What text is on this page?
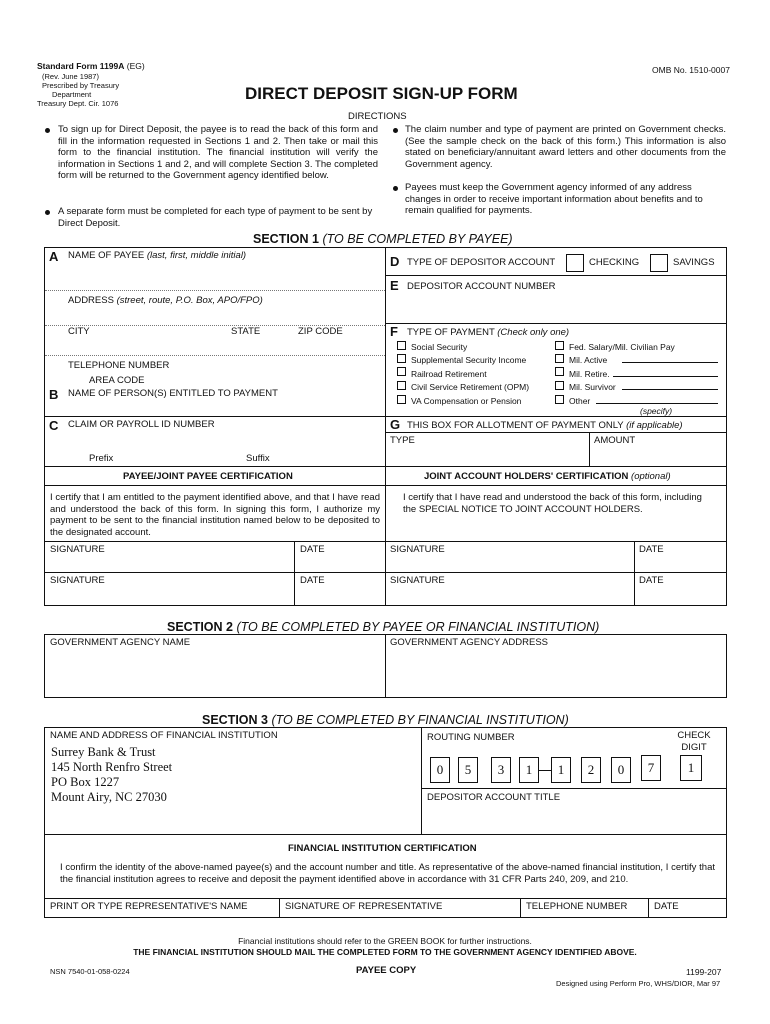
Standard Form 1199A (EG)
(Rev. June 1987)
Prescribed by Treasury
Department
Treasury Dept. Cir. 1076
OMB No. 1510-0007
DIRECT DEPOSIT SIGN-UP FORM
DIRECTIONS
To sign up for Direct Deposit, the payee is to read the back of this form and fill in the information requested in Sections 1 and 2. Then take or mail this form to the financial institution. The financial institution will verify the information in Sections 1 and 2, and will complete Section 3. The completed form will be returned to the Government agency identified below.
A separate form must be completed for each type of payment to be sent by Direct Deposit.
The claim number and type of payment are printed on Government checks. (See the sample check on the back of this form.) This information is also stated on beneficiary/annuitant award letters and other documents from the Government agency.
Payees must keep the Government agency informed of any address changes in order to receive important information about benefits and to remain qualified for payments.
SECTION 1 (TO BE COMPLETED BY PAYEE)
A NAME OF PAYEE (last, first, middle initial)
ADDRESS (street, route, P.O. Box, APO/FPO)
CITY	STATE	ZIP CODE
TELEPHONE NUMBER
AREA CODE
B NAME OF PERSON(S) ENTITLED TO PAYMENT
C CLAIM OR PAYROLL ID NUMBER
Prefix	Suffix
D TYPE OF DEPOSITOR ACCOUNT	CHECKING	SAVINGS
E DEPOSITOR ACCOUNT NUMBER
F TYPE OF PAYMENT (Check only one)
Social Security
Supplemental Security Income
Railroad Retirement
Civil Service Retirement (OPM)
VA Compensation or Pension
Fed. Salary/Mil. Civilian Pay
Mil. Active
Mil. Retire.
Mil. Survivor
Other
(specify)
G THIS BOX FOR ALLOTMENT OF PAYMENT ONLY (if applicable)
TYPE	AMOUNT
PAYEE/JOINT PAYEE CERTIFICATION	JOINT ACCOUNT HOLDERS' CERTIFICATION (optional)
I certify that I am entitled to the payment identified above, and that I have read and understood the back of this form. In signing this form, I authorize my payment to be sent to the financial institution named below to be deposited to the designated account.
I certify that I have read and understood the back of this form, including the SPECIAL NOTICE TO JOINT ACCOUNT HOLDERS.
SIGNATURE	DATE	SIGNATURE	DATE
SIGNATURE	DATE	SIGNATURE	DATE
SECTION 2 (TO BE COMPLETED BY PAYEE OR FINANCIAL INSTITUTION)
GOVERNMENT AGENCY NAME	GOVERNMENT AGENCY ADDRESS
SECTION 3 (TO BE COMPLETED BY FINANCIAL INSTITUTION)
NAME AND ADDRESS OF FINANCIAL INSTITUTION
Surrey Bank & Trust
145 North Renfro Street
PO Box 1227
Mount Airy, NC 27030
ROUTING NUMBER	CHECK DIGIT
0	5	3	1	1	2	0	7	1
DEPOSITOR ACCOUNT TITLE
FINANCIAL INSTITUTION CERTIFICATION
I confirm the identity of the above-named payee(s) and the account number and title. As representative of the above-named financial institution, I certify that the financial institution agrees to receive and deposit the payment identified above in accordance with 31 CFR Parts 240, 209, and 210.
PRINT OR TYPE REPRESENTATIVE'S NAME	SIGNATURE OF REPRESENTATIVE	TELEPHONE NUMBER	DATE
Financial institutions should refer to the GREEN BOOK for further instructions.
THE FINANCIAL INSTITUTION SHOULD MAIL THE COMPLETED FORM TO THE GOVERNMENT AGENCY IDENTIFIED ABOVE.
NSN 7540-01-058-0224	PAYEE COPY	1199-207
Designed using Perform Pro, WHS/DIOR, Mar 97
